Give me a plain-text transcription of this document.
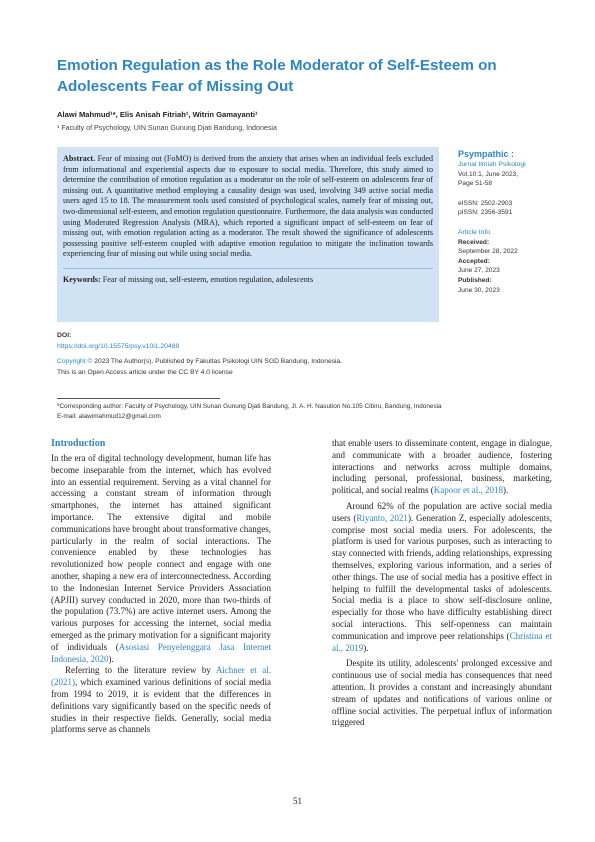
Emotion Regulation as the Role Moderator of Self-Esteem on Adolescents Fear of Missing Out
Alawi Mahmud¹*, Elis Anisah Fitriah¹, Witrin Gamayanti¹
¹ Faculty of Psychology, UIN Sunan Gunung Djati Bandung, Indonesia
Abstract. Fear of missing out (FoMO) is derived from the anxiety that arises when an individual feels excluded from informational and experiential aspects due to exposure to social media. Therefore, this study aimed to determine the contribution of emotion regulation as a moderator on the role of self-esteem on adolescents fear of missing out. A quantitative method employing a causality design was used, involving 349 active social media users aged 15 to 18. The measurement tools used consisted of psychological scales, namely fear of missing out, two-dimensional self-esteem, and emotion regulation questionnaire. Furthermore, the data analysis was conducted using Moderated Regression Analysis (MRA), which reported a significant impact of self-esteem on fear of missing out, with emotion regulation acting as a moderator. The result showed the significance of adolescents possessing positive self-esteem coupled with adaptive emotion regulation to mitigate the inclination towards experiencing fear of missing out while using social media.
Keywords: Fear of missing out, self-esteem, emotion regulation, adolescents
Psympathic :
Jurnal Ilmiah Psikologi
Vol.10:1, June 2023,
Page 51-58
eISSN: 2502-2903
pISSN: 2356-3591
Article Info
Received:
September 28, 2022
Accepted:
June 27, 2023
Published:
June 30, 2023
DOI:
https://doi.org/10.15575/psy.v10i1.20489
Copyright © 2023 The Author(s). Published by Fakultas Psikologi UIN SGD Bandung, Indonesia.
This is an Open Access article under the CC BY 4.0 license
*Corresponding author: Faculty of Psychology, UIN Sunan Gunung Djati Bandung, Jl. A. H. Nasution No.105 Cibiru, Bandung, Indonesia
E-mail: alawimahmud12@gmail.com
Introduction

In the era of digital technology development, human life has become inseparable from the internet, which has evolved into an essential requirement. Serving as a vital channel for accessing a constant stream of information through smartphones, the internet has attained significant importance. The extensive digital and mobile communications have brought about transformative changes, particularly in the realm of social interactions. The convenience enabled by these technologies has revolutionized how people connect and engage with one another, shaping a new era of interconnectedness. According to the Indonesian Internet Service Providers Association (APJII) survey conducted in 2020, more than two-thirds of the population (73.7%) are active internet users. Among the various purposes for accessing the internet, social media emerged as the primary motivation for a significant majority of individuals (Asosiasi Penyelenggara Jasa Internet Indonesia, 2020).

Referring to the literature review by Aichner et al. (2021), which examined various definitions of social media from 1994 to 2019, it is evident that the differences in definitions vary significantly based on the specific needs of studies in their respective fields. Generally, social media platforms serve as channels

that enable users to disseminate content, engage in dialogue, and communicate with a broader audience, fostering interactions and networks across multiple domains, including personal, professional, business, marketing, political, and social realms (Kapoor et al., 2018).

Around 62% of the population are active social media users (Riyanto, 2021). Generation Z, especially adolescents, comprise most social media users. For adolescents, the platform is used for various purposes, such as interacting to stay connected with friends, adding relationships, expressing themselves, exploring various information, and a series of other things. The use of social media has a positive effect in helping to fulfill the developmental tasks of adolescents. Social media is a place to show self-disclosure online, especially for those who have difficulty establishing direct social interactions. This self-openness can maintain communication and improve peer relationships (Christina et al., 2019).

Despite its utility, adolescents' prolonged excessive and continuous use of social media has consequences that need attention. It provides a constant and increasingly abundant stream of updates and notifications of various online or offline social activities. The perpetual influx of information triggered

51
